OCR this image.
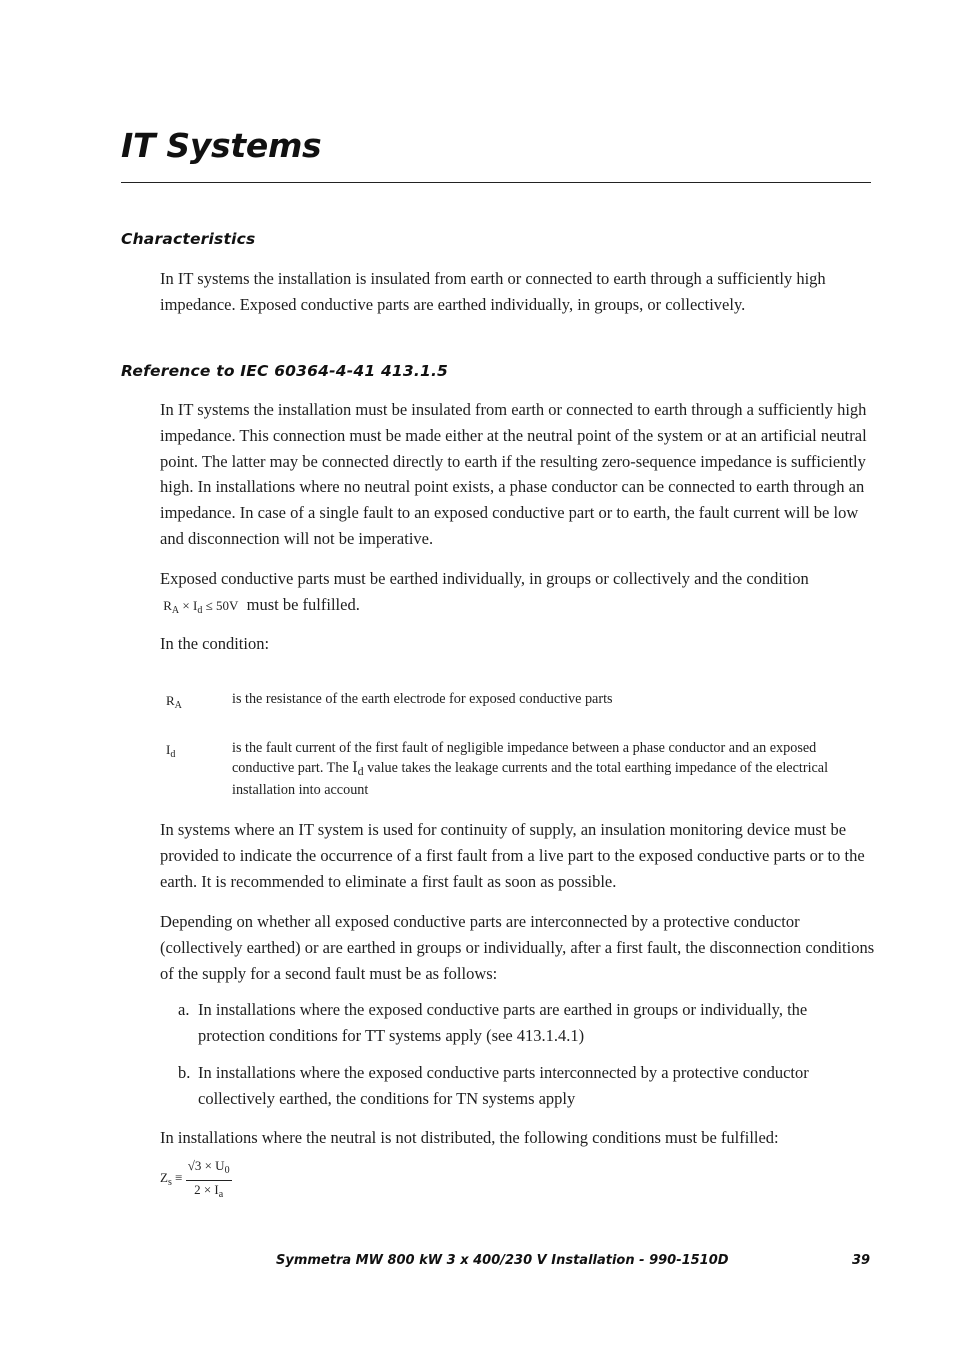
IT Systems
Characteristics

In IT systems the installation is insulated from earth or connected to earth through a sufficiently high impedance. Exposed conductive parts are earthed individually, in groups, or collectively.

Reference to IEC 60364-4-41 413.1.5

In IT systems the installation must be insulated from earth or connected to earth through a sufficiently high impedance. This connection must be made either at the neutral point of the system or at an artificial neutral point. The latter may be connected directly to earth if the resulting zero-sequence impedance is sufficiently high. In installations where no neutral point exists, a phase conductor can be connected to earth through an impedance. In case of a single fault to an exposed conductive part or to earth, the fault current will be low and disconnection will not be imperative.

Exposed conductive parts must be earthed individually, in groups or collectively and the condition
$R_A \times I_d \le 50V$ must be fulfilled.

In the condition:

$R_A$	is the resistance of the earth electrode for exposed conductive parts

$I_d$	is the fault current of the first fault of negligible impedance between a phase conductor and an exposed conductive part. The $I_d$ value takes the leakage currents and the total earthing impedance of the electrical installation into account

In systems where an IT system is used for continuity of supply, an insulation monitoring device must be provided to indicate the occurrence of a first fault from a live part to the exposed conductive parts or to the earth. It is recommended to eliminate a first fault as soon as possible.

Depending on whether all exposed conductive parts are interconnected by a protective conductor (collectively earthed) or are earthed in groups or individually, after a first fault, the disconnection conditions of the supply for a second fault must be as follows:

a. In installations where the exposed conductive parts are earthed in groups or individually, the protection conditions for TT systems apply (see 413.1.4.1)

b. In installations where the exposed conductive parts interconnected by a protective conductor collectively earthed, the conditions for TN systems apply

In installations where the neutral is not distributed, the following conditions must be fulfilled:

$Z_s \equiv \frac{√3 \times U_0}{2 \times I_a}$
Symmetra MW 800 kW 3 x 400/230 V Installation - 990-1510D	39
